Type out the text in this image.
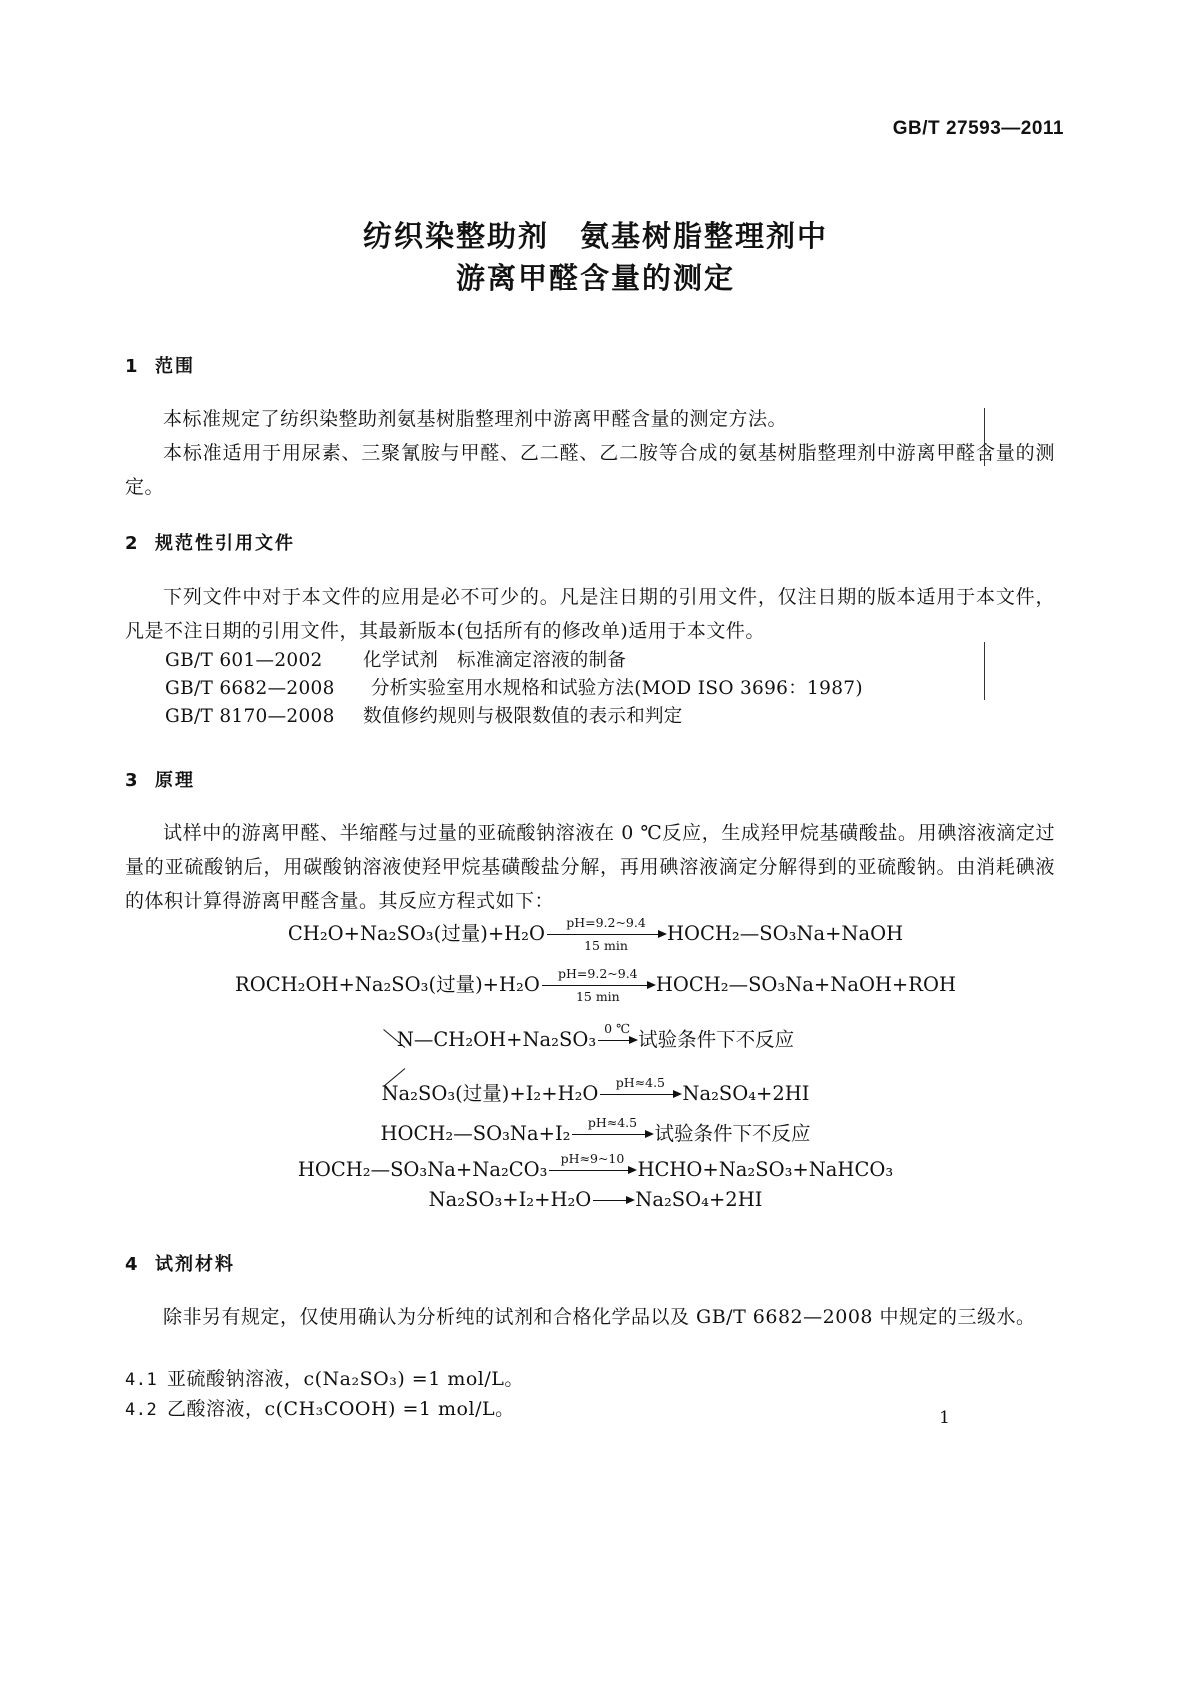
GB/T 27593—2011
纺织染整助剂　氨基树脂整理剂中
游离甲醛含量的测定
1 范围

本标准规定了纺织染整助剂氨基树脂整理剂中游离甲醛含量的测定方法。

本标准适用于用尿素、三聚氰胺与甲醛、乙二醛、乙二胺等合成的氨基树脂整理剂中游离甲醛含量的测定。

2 规范性引用文件

下列文件中对于本文件的应用是必不可少的。凡是注日期的引用文件，仅注日期的版本适用于本文件，凡是不注日期的引用文件，其最新版本(包括所有的修改单)适用于本文件。

GB/T 601—2002 化学试剂　标准滴定溶液的制备
GB/T 6682—2008 分析实验室用水规格和试验方法(MOD ISO 3696：1987)
GB/T 8170—2008 数值修约规则与极限数值的表示和判定
3 原理

试样中的游离甲醛、半缩醛与过量的亚硫酸钠溶液在 0 ℃反应，生成羟甲烷基磺酸盐。用碘溶液滴定过量的亚硫酸钠后，用碳酸钠溶液使羟甲烷基磺酸盐分解，再用碘溶液滴定分解得到的亚硫酸钠。由消耗碘液的体积计算得游离甲醛含量。其反应方程式如下：

CH₂O+Na₂SO₃(过量)+H₂O	pH=9.2~9.4
15 min
HOCH₂—SO₃Na+NaOH
ROCH₂OH+Na₂SO₃(过量)+H₂O	pH=9.2~9.4
15 min
HOCH₂—SO₃Na+NaOH+ROH
N—CH₂OH+Na₂SO₃ 0 ℃ 试验条件下不反应
Na₂SO₃(过量)+I₂+H₂O	pH≈4.5 Na₂SO₄+2HI
HOCH₂—SO₃Na+I₂	pH≈4.5 试验条件下不反应
HOCH₂—SO₃Na+Na₂CO₃	pH≈9~10 HCHO+Na₂SO₃+NaHCO₃
Na₂SO₃+I₂+H₂O → Na₂SO₄+2HI
4 试剂材料

除非另有规定，仅使用确认为分析纯的试剂和合格化学品以及 GB/T 6682—2008 中规定的三级水。

4.1 亚硫酸钠溶液，c(Na₂SO₃) =1 mol/L。
4.2 乙酸溶液，c(CH₃COOH) =1 mol/L。	1
